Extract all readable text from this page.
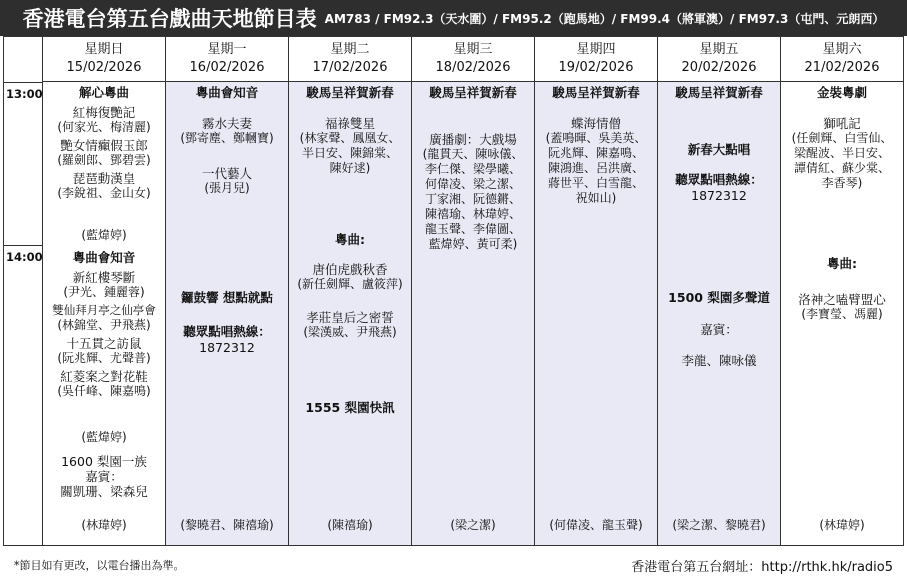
香港電台第五台戲曲天地節目表 AM783 / FM92.3（天水圍）/ FM95.2（跑馬地）/ FM99.4（將軍澳）/ FM97.3（屯門、元朗西）
13:00
14:00
星期日
15/02/2026
解心粵曲
紅梅復艷記
(何家光、梅清麗)
艷女情癲假玉郎
(羅劍郎、鄧碧雲)
琵琶動漢皇
(李銳祖、金山女)
(藍煒婷)
粵曲會知音
新紅樓琴斷
(尹光、鍾麗蓉)
雙仙拜月亭之仙亭會
(林錦堂、尹飛燕)
十五貫之訪鼠
(阮兆輝、尤聲普)
紅菱案之對花鞋
(吳仟峰、陳嘉鳴)
(藍煒婷)
1600 梨園一族
嘉賓：
關凱珊、梁森兒
(林瑋婷)
星期一
16/02/2026
粵曲會知音
霧水夫妻
(鄧寄塵、鄭幗寶)
一代藝人
(張月兒)
鑼鼓響 想點就點
聽眾點唱熱線：
1872312
(黎曉君、陳禧瑜)
星期二
17/02/2026
駿馬呈祥賀新春
福祿雙星
(林家聲、鳳凰女、
半日安、陳錦棠、
陳好逑)
粵曲:
唐伯虎戲秋香
(新任劍輝、盧筱萍)
孝莊皇后之密誓
(梁漢威、尹飛燕)
1555 梨園快訊
(陳禧瑜)
星期三
18/02/2026
駿馬呈祥賀新春
廣播劇：大戲場
(龍貫天、陳咏儀、
李仁傑、梁學曦、
何偉凌、梁之潔、
丁家湘、阮德鏘、
陳禧瑜、林瑋婷、
龍玉聲、李偉圖、
藍煒婷、黃可柔)
(梁之潔)
星期四
19/02/2026
駿馬呈祥賀新春
蝶海情僧
(蓋鳴暉、吳美英、
阮兆輝、陳嘉鳴、
陳鴻進、呂洪廣、
蔣世平、白雪龍、
祝如山)
(何偉凌、龍玉聲)
星期五
20/02/2026
駿馬呈祥賀新春
新春大點唱
聽眾點唱熱線：
1872312
1500 梨園多聲道
嘉賓：
李龍、陳咏儀
(梁之潔、黎曉君)
星期六
21/02/2026
金裝粵劇
獅吼記
(任劍輝、白雪仙、
梁醒波、半日安、
譚倩紅、蘇少棠、
李香琴)
粵曲:
洛神之嗑臂盟心
(李寶瑩、馮麗)
(林瑋婷)
*節目如有更改，以電台播出為準。	香港電台第五台網址：http://rthk.hk/radio5
